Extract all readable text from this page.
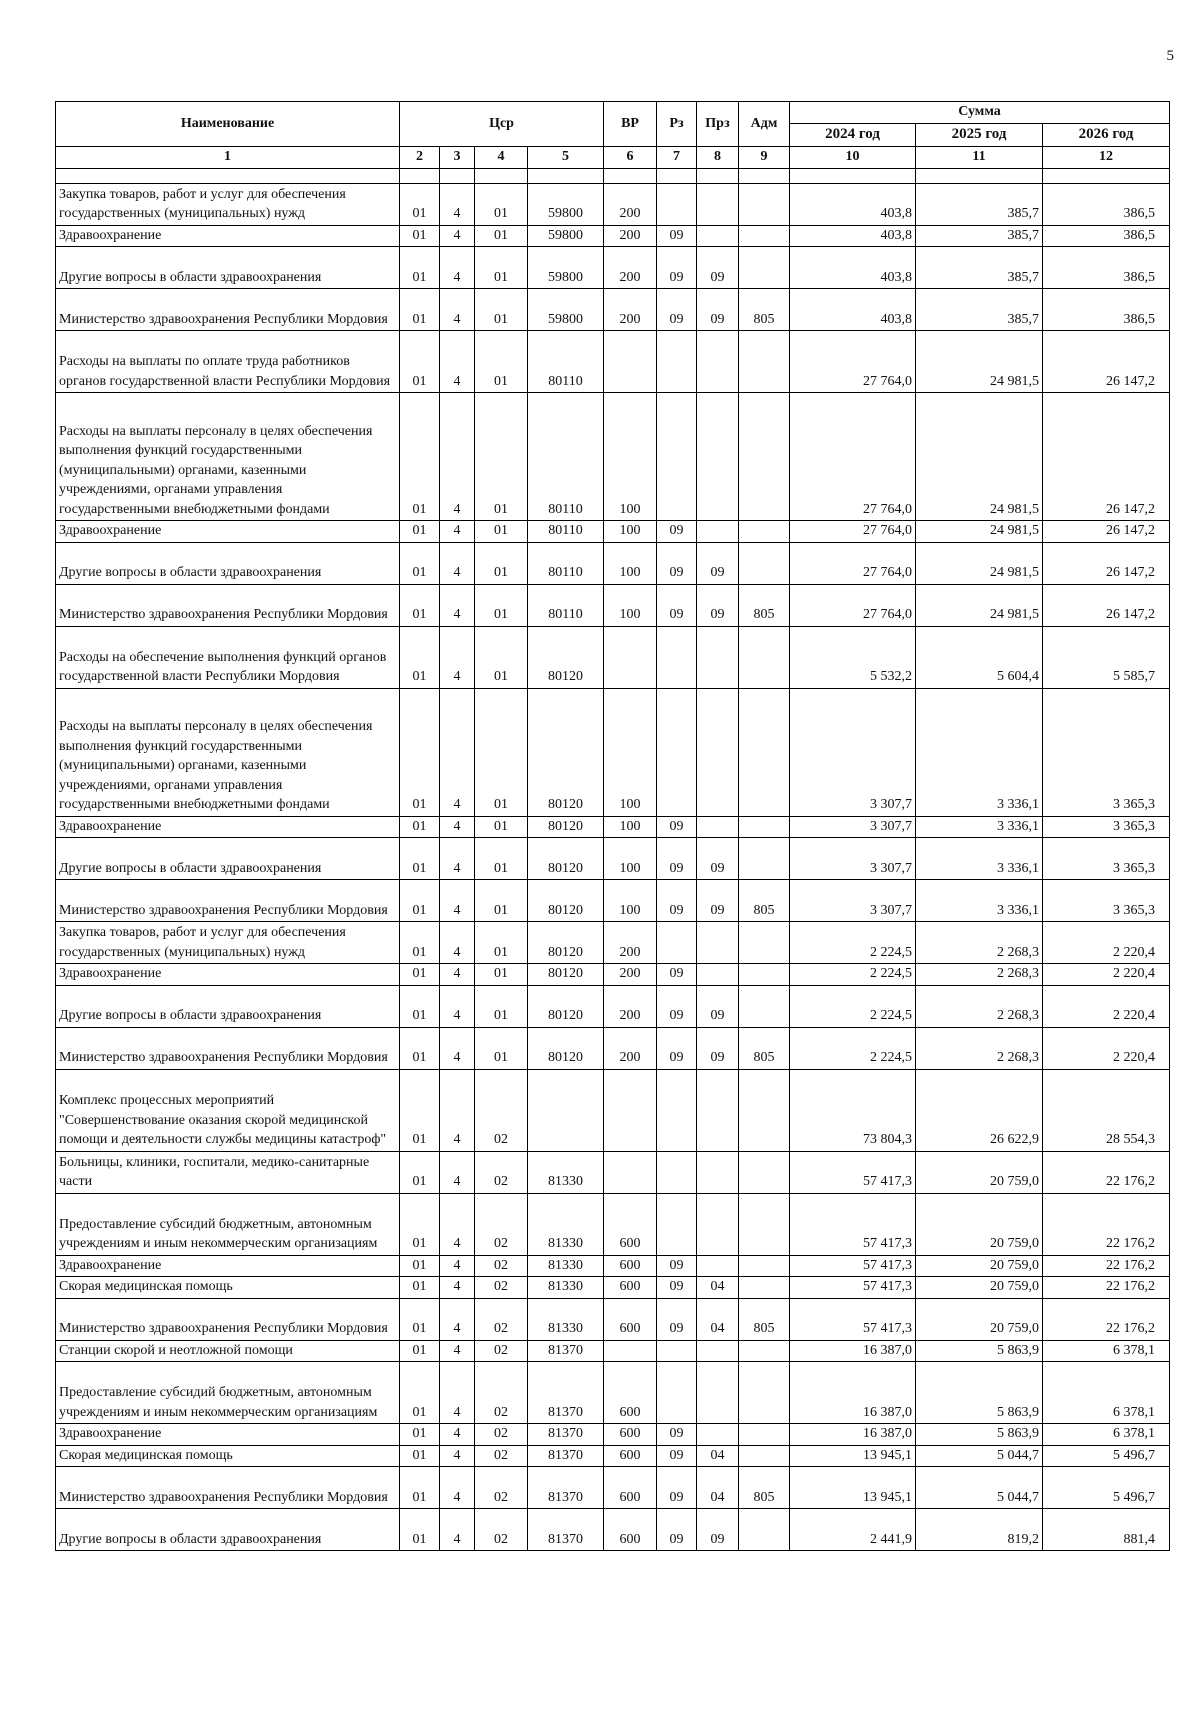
5
Наименование	Цср				ВР	Рз	Прз	Адм	Сумма		
									2024 год	2025 год	2026 год
1	2	3	4	5	6	7	8	9	10	11	12

Закупка товаров, работ и услуг для обеспечения государственных (муниципальных) нужд	01	4	01	59800	200				403,8	385,7	386,5
Здравоохранение	01	4	01	59800	200	09			403,8	385,7	386,5
Другие вопросы в области здравоохранения	01	4	01	59800	200	09	09		403,8	385,7	386,5
Министерство здравоохранения Республики Мордовия	01	4	01	59800	200	09	09	805	403,8	385,7	386,5
Расходы на выплаты по оплате труда работников органов государственной власти Республики Мордовия	01	4	01	80110					27 764,0	24 981,5	26 147,2
Расходы на выплаты персоналу в целях обеспечения выполнения функций государственными (муниципальными) органами, казенными учреждениями, органами управления государственными внебюджетными фондами	01	4	01	80110	100				27 764,0	24 981,5	26 147,2
Здравоохранение	01	4	01	80110	100	09			27 764,0	24 981,5	26 147,2
Другие вопросы в области здравоохранения	01	4	01	80110	100	09	09		27 764,0	24 981,5	26 147,2
Министерство здравоохранения Республики Мордовия	01	4	01	80110	100	09	09	805	27 764,0	24 981,5	26 147,2
Расходы на обеспечение выполнения функций органов государственной власти Республики Мордовия	01	4	01	80120					5 532,2	5 604,4	5 585,7
Расходы на выплаты персоналу в целях обеспечения выполнения функций государственными (муниципальными) органами, казенными учреждениями, органами управления государственными внебюджетными фондами	01	4	01	80120	100				3 307,7	3 336,1	3 365,3
Здравоохранение	01	4	01	80120	100	09			3 307,7	3 336,1	3 365,3
Другие вопросы в области здравоохранения	01	4	01	80120	100	09	09		3 307,7	3 336,1	3 365,3
Министерство здравоохранения Республики Мордовия	01	4	01	80120	100	09	09	805	3 307,7	3 336,1	3 365,3
Закупка товаров, работ и услуг для обеспечения государственных (муниципальных) нужд	01	4	01	80120	200				2 224,5	2 268,3	2 220,4
Здравоохранение	01	4	01	80120	200	09			2 224,5	2 268,3	2 220,4
Другие вопросы в области здравоохранения	01	4	01	80120	200	09	09		2 224,5	2 268,3	2 220,4
Министерство здравоохранения Республики Мордовия	01	4	01	80120	200	09	09	805	2 224,5	2 268,3	2 220,4
Комплекс процессных мероприятий "Совершенствование оказания скорой медицинской помощи и деятельности службы медицины катастроф"	01	4	02						73 804,3	26 622,9	28 554,3
Больницы, клиники, госпитали, медико-санитарные части	01	4	02	81330					57 417,3	20 759,0	22 176,2
Предоставление субсидий бюджетным, автономным учреждениям и иным некоммерческим организациям	01	4	02	81330	600				57 417,3	20 759,0	22 176,2
Здравоохранение	01	4	02	81330	600	09			57 417,3	20 759,0	22 176,2
Скорая медицинская помощь	01	4	02	81330	600	09	04		57 417,3	20 759,0	22 176,2
Министерство здравоохранения Республики Мордовия	01	4	02	81330	600	09	04	805	57 417,3	20 759,0	22 176,2
Станции скорой и неотложной помощи	01	4	02	81370					16 387,0	5 863,9	6 378,1
Предоставление субсидий бюджетным, автономным учреждениям и иным некоммерческим организациям	01	4	02	81370	600				16 387,0	5 863,9	6 378,1
Здравоохранение	01	4	02	81370	600	09			16 387,0	5 863,9	6 378,1
Скорая медицинская помощь	01	4	02	81370	600	09	04		13 945,1	5 044,7	5 496,7
Министерство здравоохранения Республики Мордовия	01	4	02	81370	600	09	04	805	13 945,1	5 044,7	5 496,7
Другие вопросы в области здравоохранения	01	4	02	81370	600	09	09		2 441,9	819,2	881,4
